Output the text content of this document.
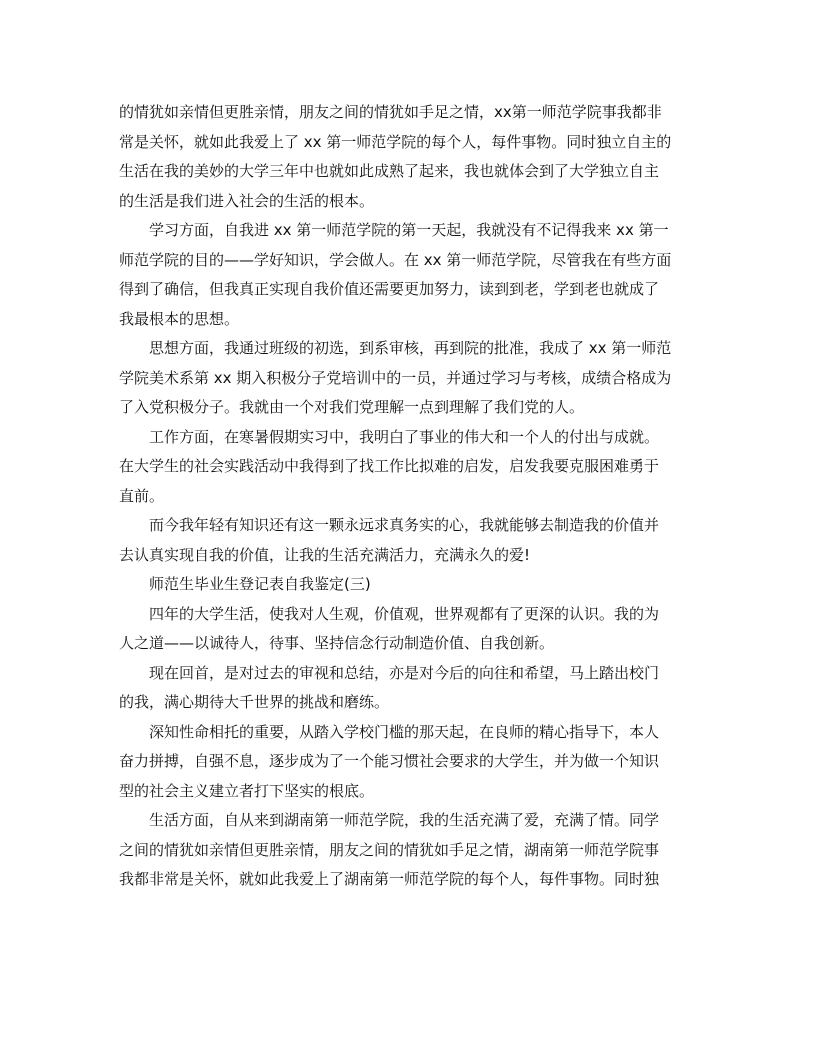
的情犹如亲情但更胜亲情，朋友之间的情犹如手足之情，xx第一师范学院事我都非
常是关怀，就如此我爱上了 xx 第一师范学院的每个人，每件事物。同时独立自主的
生活在我的美妙的大学三年中也就如此成熟了起来，我也就体会到了大学独立自主
的生活是我们进入社会的生活的根本。
学习方面，自我进 xx 第一师范学院的第一天起，我就没有不记得我来 xx 第一
师范学院的目的——学好知识，学会做人。在 xx 第一师范学院，尽管我在有些方面
得到了确信，但我真正实现自我价值还需要更加努力，读到到老，学到老也就成了
我最根本的思想。
思想方面，我通过班级的初选，到系审核，再到院的批准，我成了 xx 第一师范
学院美术系第 xx 期入积极分子党培训中的一员，并通过学习与考核，成绩合格成为
了入党积极分子。我就由一个对我们党理解一点到理解了我们党的人。
工作方面，在寒暑假期实习中，我明白了事业的伟大和一个人的付出与成就。
在大学生的社会实践活动中我得到了找工作比拟难的启发，启发我要克服困难勇于
直前。
而今我年轻有知识还有这一颗永远求真务实的心，我就能够去制造我的价值并
去认真实现自我的价值，让我的生活充满活力，充满永久的爱!
师范生毕业生登记表自我鉴定(三)
四年的大学生活，使我对人生观，价值观，世界观都有了更深的认识。我的为
人之道——以诚待人，待事、坚持信念行动制造价值、自我创新。
现在回首，是对过去的审视和总结，亦是对今后的向往和希望，马上踏出校门
的我，满心期待大千世界的挑战和磨练。
深知性命相托的重要，从踏入学校门槛的那天起，在良师的精心指导下，本人
奋力拼搏，自强不息，逐步成为了一个能习惯社会要求的大学生，并为做一个知识
型的社会主义建立者打下坚实的根底。
生活方面，自从来到湖南第一师范学院，我的生活充满了爱，充满了情。同学
之间的情犹如亲情但更胜亲情，朋友之间的情犹如手足之情，湖南第一师范学院事
我都非常是关怀，就如此我爱上了湖南第一师范学院的每个人，每件事物。同时独
